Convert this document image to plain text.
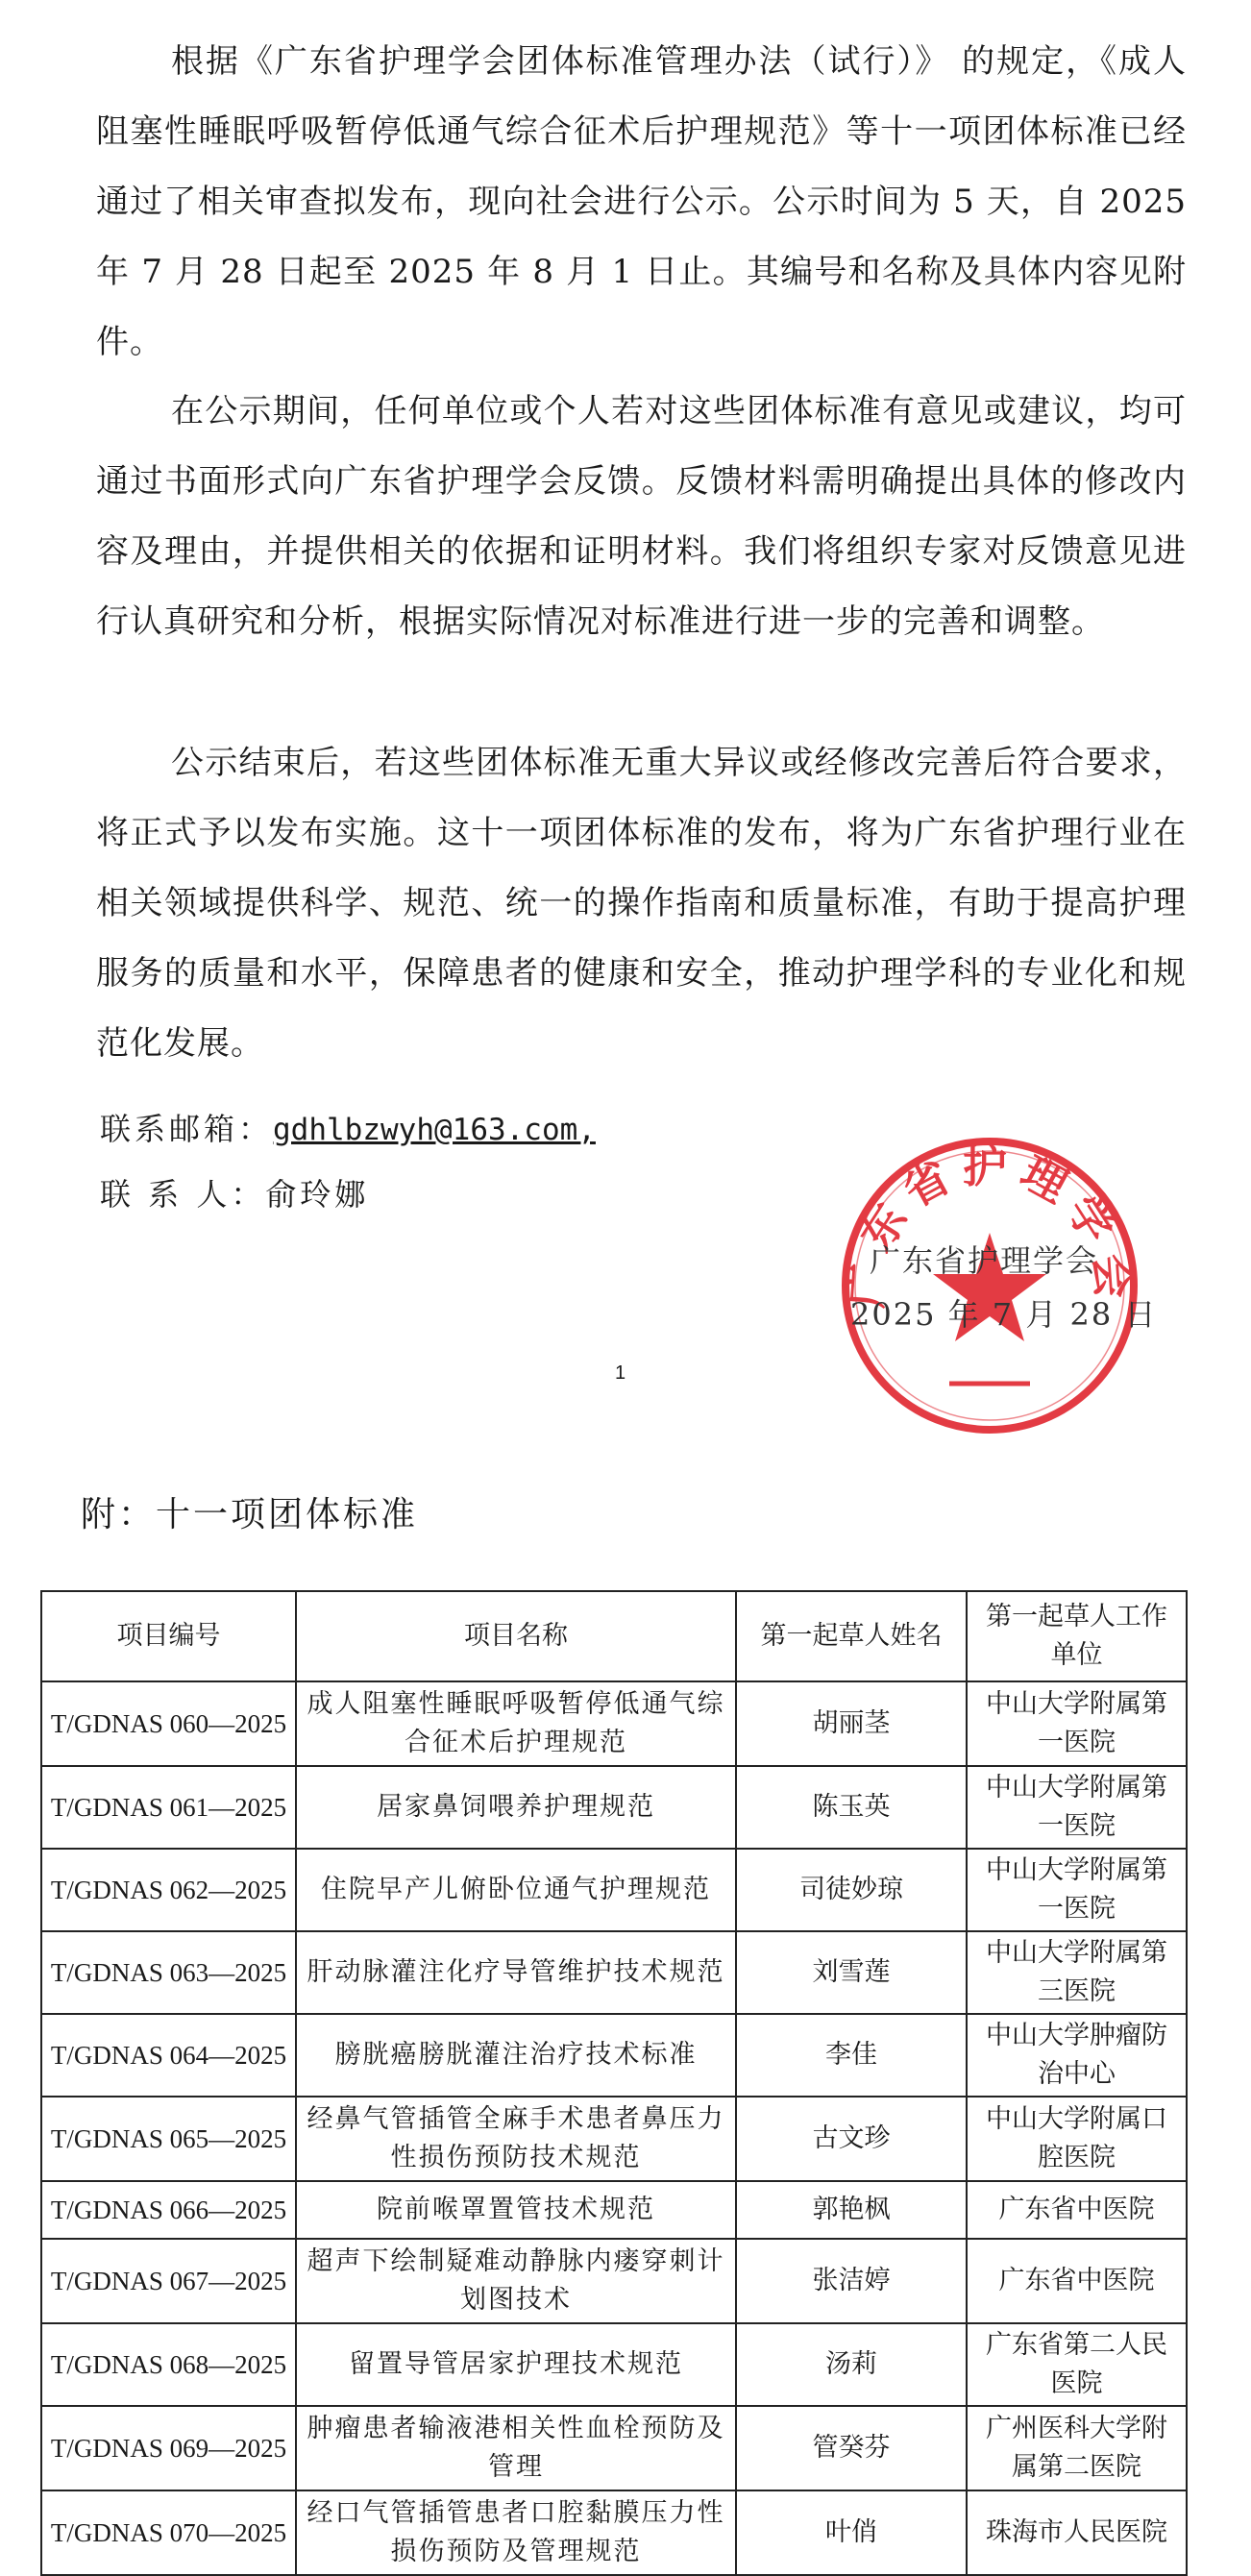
根据《广东省护理学会团体标准管理办法（试行）》 的规定，《成人阻塞性睡眠呼吸暂停低通气综合征术后护理规范》等十一项团体标准已经通过了相关审查拟发布，现向社会进行公示。公示时间为 5 天，自 2025 年 7 月 28 日起至 2025 年 8 月 1 日止。其编号和名称及具体内容见附件。
在公示期间，任何单位或个人若对这些团体标准有意见或建议，均可通过书面形式向广东省护理学会反馈。反馈材料需明确提出具体的修改内容及理由，并提供相关的依据和证明材料。我们将组织专家对反馈意见进行认真研究和分析，根据实际情况对标准进行进一步的完善和调整。
公示结束后，若这些团体标准无重大异议或经修改完善后符合要求，将正式予以发布实施。这十一项团体标准的发布，将为广东省护理行业在相关领域提供科学、规范、统一的操作指南和质量标准，有助于提高护理服务的质量和水平，保障患者的健康和安全，推动护理学科的专业化和规范化发展。
联系邮箱：gdhlbzwyh@163.com,
联 系 人：俞玲娜
广东省护理学会
广东省护理学会
2025 年 7 月 28 日
1
附：十一项团体标准
项目编号	项目名称	第一起草人姓名	第一起草人工作单位
T/GDNAS 060—2025	成人阻塞性睡眠呼吸暂停低通气综合征术后护理规范	胡丽茎	中山大学附属第一医院
T/GDNAS 061—2025	居家鼻饲喂养护理规范	陈玉英	中山大学附属第一医院
T/GDNAS 062—2025	住院早产儿俯卧位通气护理规范	司徒妙琼	中山大学附属第一医院
T/GDNAS 063—2025	肝动脉灌注化疗导管维护技术规范	刘雪莲	中山大学附属第三医院
T/GDNAS 064—2025	膀胱癌膀胱灌注治疗技术标准	李佳	中山大学肿瘤防治中心
T/GDNAS 065—2025	经鼻气管插管全麻手术患者鼻压力性损伤预防技术规范	古文珍	中山大学附属口腔医院
T/GDNAS 066—2025	院前喉罩置管技术规范	郭艳枫	广东省中医院
T/GDNAS 067—2025	超声下绘制疑难动静脉内瘘穿刺计划图技术	张洁婷	广东省中医院
T/GDNAS 068—2025	留置导管居家护理技术规范	汤莉	广东省第二人民医院
T/GDNAS 069—2025	肿瘤患者输液港相关性血栓预防及管理	管癸芬	广州医科大学附属第二医院
T/GDNAS 070—2025	经口气管插管患者口腔黏膜压力性损伤预防及管理规范	叶俏	珠海市人民医院
